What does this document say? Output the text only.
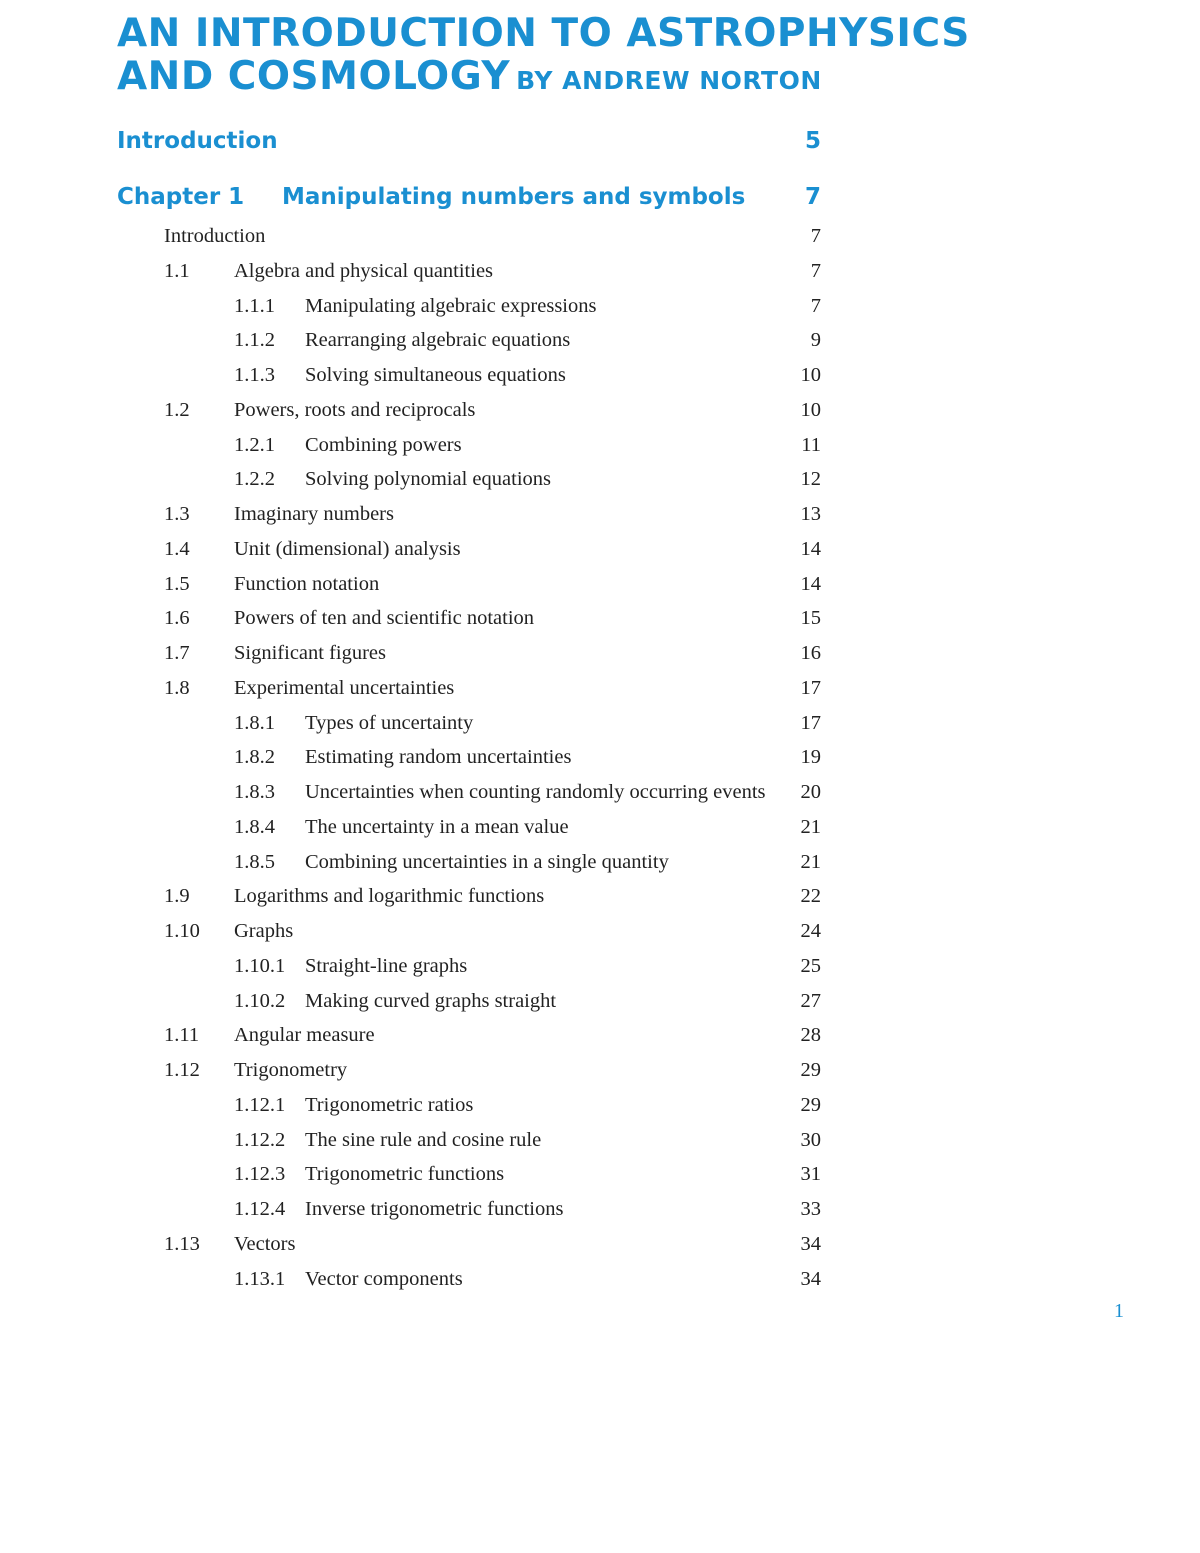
AN INTRODUCTION TO ASTROPHYSICS
AND COSMOLOGY BY ANDREW NORTON
Introduction	5
Chapter 1 Manipulating numbers and symbols	7
Introduction	7
1.1 Algebra and physical quantities	7
1.1.1 Manipulating algebraic expressions	7
1.1.2 Rearranging algebraic equations	9
1.1.3 Solving simultaneous equations	10
1.2 Powers, roots and reciprocals	10
1.2.1 Combining powers	11
1.2.2 Solving polynomial equations	12
1.3 Imaginary numbers	13
1.4 Unit (dimensional) analysis	14
1.5 Function notation	14
1.6 Powers of ten and scientific notation	15
1.7 Significant figures	16
1.8 Experimental uncertainties	17
1.8.1 Types of uncertainty	17
1.8.2 Estimating random uncertainties	19
1.8.3 Uncertainties when counting randomly occurring events 20
1.8.4 The uncertainty in a mean value	21
1.8.5 Combining uncertainties in a single quantity	21
1.9 Logarithms and logarithmic functions	22
1.10 Graphs	24
1.10.1 Straight-line graphs	25
1.10.2 Making curved graphs straight	27
1.11 Angular measure	28
1.12 Trigonometry	29
1.12.1 Trigonometric ratios	29
1.12.2 The sine rule and cosine rule	30
1.12.3 Trigonometric functions	31
1.12.4 Inverse trigonometric functions	33
1.13 Vectors	34
1.13.1 Vector components	34
1
